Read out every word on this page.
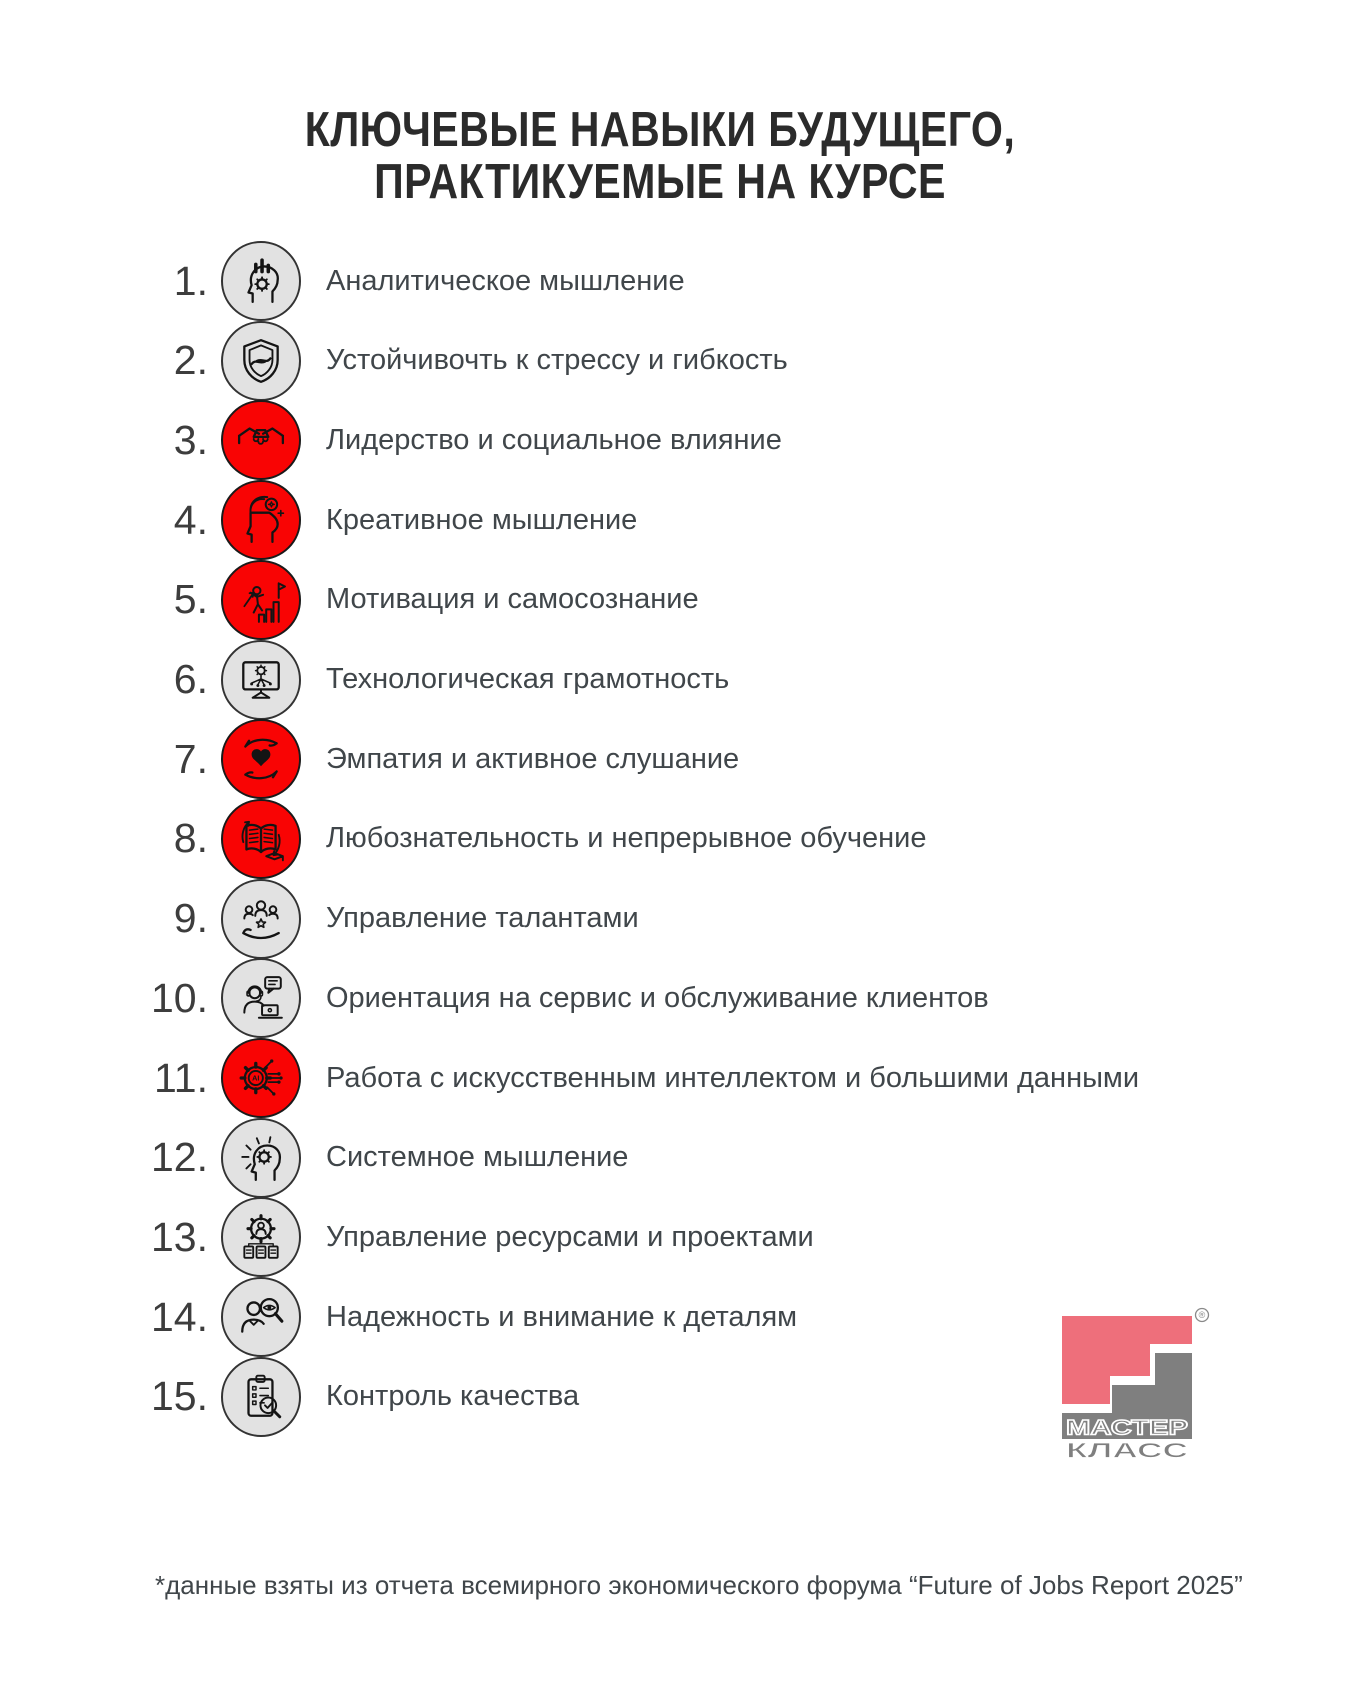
КЛЮЧЕВЫЕ НАВЫКИ БУДУЩЕГО,
ПРАКТИКУЕМЫЕ НА КУРСЕ
1.	Аналитическое мышление
2.	Устойчивочть к стрессу и гибкость
3.	Лидерство и социальное влияние
4.	Креативное мышление
5.	Мотивация и самосознание
6.	Технологическая грамотность
7.	Эмпатия и активное слушание
8.	Любознательность и непрерывное обучение
9.	Управление талантами
10.	Ориентация на сервис и обслуживание клиентов
11.	Работа с искусственным интеллектом и большими данными
12.	Системное мышление
13.	Управление ресурсами и проектами
14.	Надежность и внимание к деталям
15.	Контроль качества
*данные взяты из отчета всемирного экономического форума “Future of Jobs Report 2025”
®
МАСТЕР
КЛАСС
